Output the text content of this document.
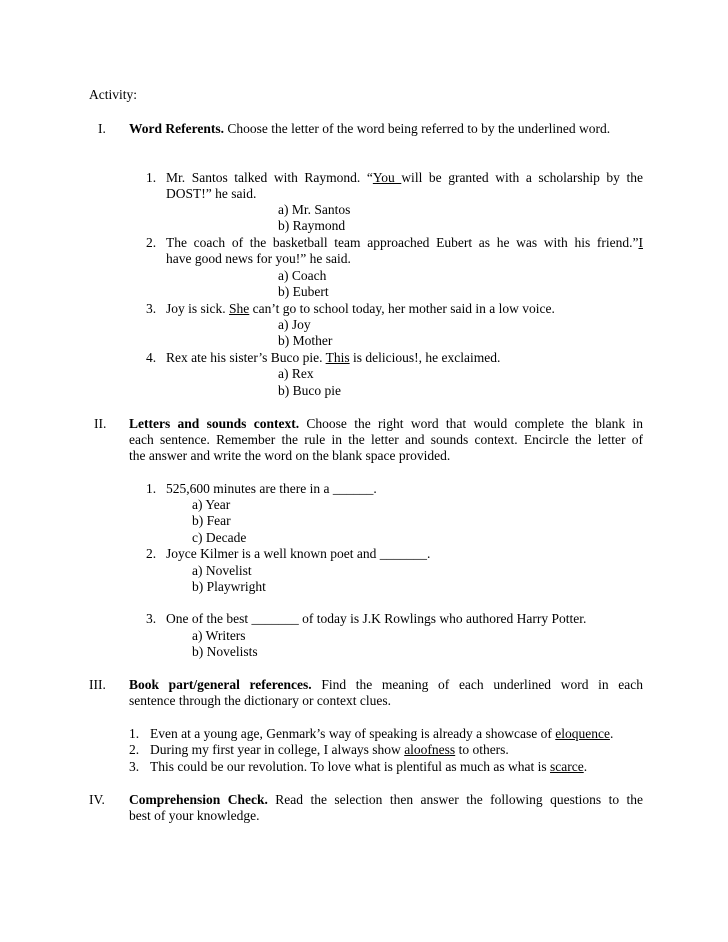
Activity:
I. Word Referents. Choose the letter of the word being referred to by the underlined word.
1. Mr. Santos talked with Raymond. “You will be granted with a scholarship by the
DOST!” he said.
a) Mr. Santos
b) Raymond
2. The coach of the basketball team approached Eubert as he was with his friend.”I
have good news for you!” he said.
a) Coach
b) Eubert
3. Joy is sick. She can’t go to school today, her mother said in a low voice.
a) Joy
b) Mother
4. Rex ate his sister’s Buco pie. This is delicious!, he exclaimed.
a) Rex
b) Buco pie
II. Letters and sounds context. Choose the right word that would complete the blank in
each sentence. Remember the rule in the letter and sounds context. Encircle the letter of
the answer and write the word on the blank space provided.
1. 525,600 minutes are there in a ______.
a) Year
b) Fear
c) Decade
2. Joyce Kilmer is a well known poet and _______.
a) Novelist
b) Playwright
3. One of the best _______ of today is J.K Rowlings who authored Harry Potter.
a) Writers
b) Novelists
III. Book part/general references. Find the meaning of each underlined word in each
sentence through the dictionary or context clues.
1. Even at a young age, Genmark’s way of speaking is already a showcase of eloquence.
2. During my first year in college, I always show aloofness to others.
3. This could be our revolution. To love what is plentiful as much as what is scarce.
IV. Comprehension Check. Read the selection then answer the following questions to the
best of your knowledge.
